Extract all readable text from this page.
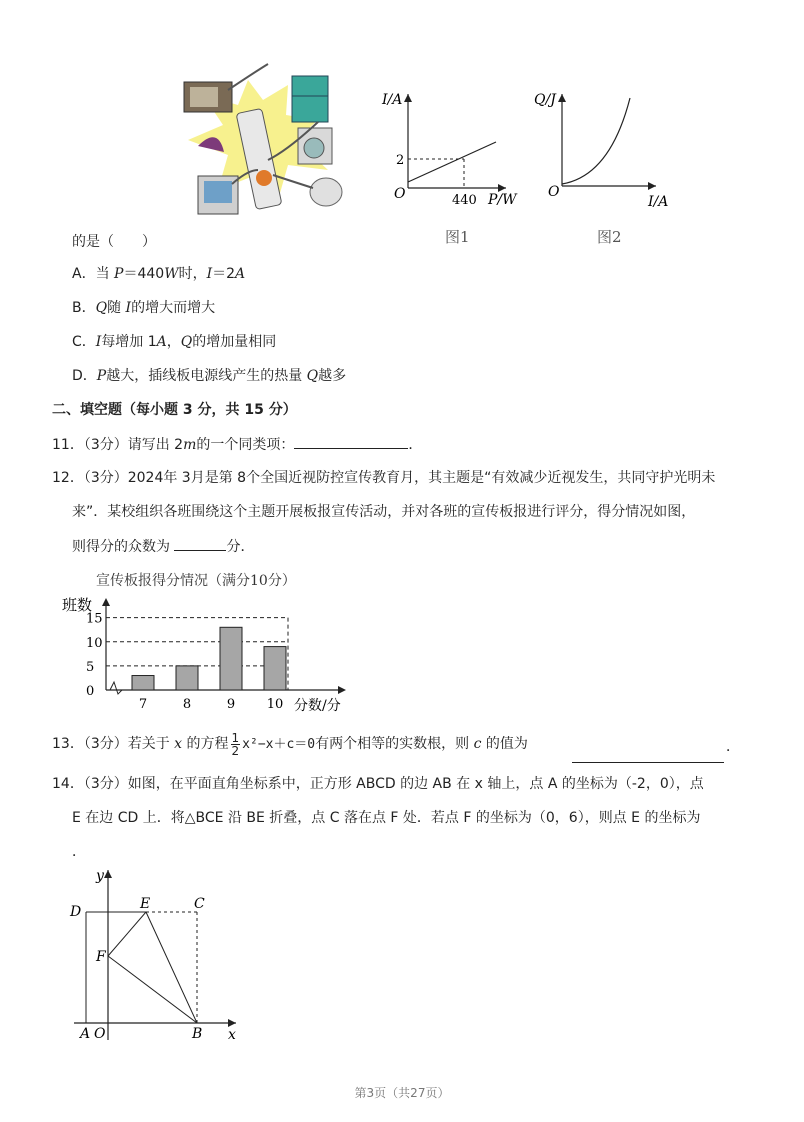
I/A
P/W
O
2
440
图1
Q/J
I/A
O
图2
的是（　　）
A．当 P＝440W时，I＝2A
B．Q随 I的增大而增大
C．I每增加 1A，Q的增加量相同
D．P越大，插线板电源线产生的热量 Q越多
二、填空题（每小题 3 分，共 15 分）
11．（3分）请写出 2m的一个同类项：	．
12．（3分）2024年 3月是第 8个全国近视防控宣传教育月，其主题是“有效减少近视发生，共同守护光明未
来”．某校组织各班围绕这个主题开展板报宣传活动，并对各班的宣传板报进行评分，得分情况如图，
则得分的众数为	分．
宣传板报得分情况（满分10分）
0
5
10
15
7	8	9 10
班数
分数/分
13．（3分）若关于 x 的方程 $\frac{1}{2} x^2-x+c=0$有两个相等的实数根，则 c 的值为	．
14．（3分）如图，在平面直角坐标系中，正方形 ABCD 的边 AB 在 x 轴上，点 A 的坐标为（-2，0），点
E 在边 CD 上．将△BCE 沿 BE 折叠，点 C 落在点 F 处．若点 F 的坐标为（0，6），则点 E 的坐标为
．
y
x
D	E	C
F
A O	B
第3页（共27页）
